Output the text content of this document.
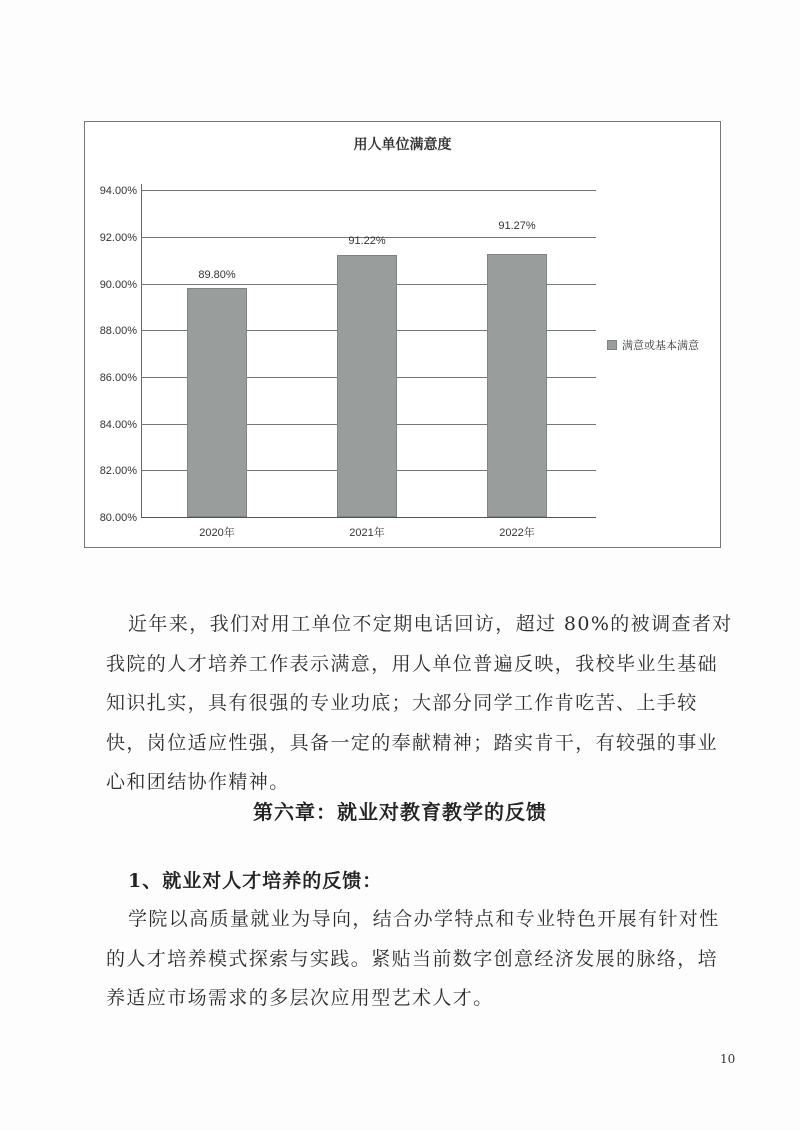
用人单位满意度
94.00%
92.00%
90.00%
88.00%
86.00%
84.00%
82.00%
80.00%
89.80%
91.22%
91.27%
2020年	2021年	2022年
满意或基本满意
近年来，我们对用工单位不定期电话回访，超过 80%的被调查者对我院的人才培养工作表示满意，用人单位普遍反映，我校毕业生基础知识扎实，具有很强的专业功底；大部分同学工作肯吃苦、上手较快，岗位适应性强，具备一定的奉献精神；踏实肯干，有较强的事业心和团结协作精神。
第六章：就业对教育教学的反馈
1、就业对人才培养的反馈：
学院以高质量就业为导向，结合办学特点和专业特色开展有针对性的人才培养模式探索与实践。紧贴当前数字创意经济发展的脉络，培养适应市场需求的多层次应用型艺术人才。
10
